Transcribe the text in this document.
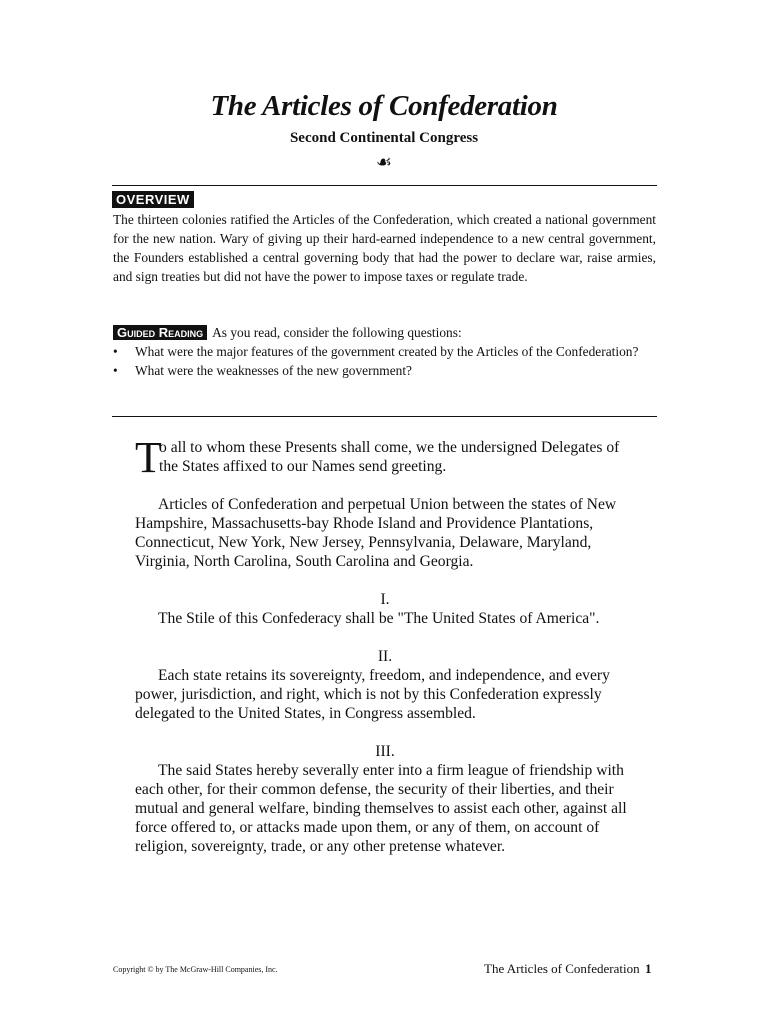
The Articles of Confederation
Second Continental Congress
☙
OVERVIEW
The thirteen colonies ratified the Articles of the Confederation, which created a national government for the new nation. Wary of giving up their hard-earned independence to a new central government, the Founders established a central governing body that had the power to declare war, raise armies, and sign treaties but did not have the power to impose taxes or regulate trade.
Guided Reading As you read, consider the following questions:
• What were the major features of the government created by the Articles of the Confederation?
• What were the weaknesses of the new government?

T
o all to whom these Presents shall come, we the undersigned Delegates of the States affixed to our Names send greeting.

Articles of Confederation and perpetual Union between the states of New Hampshire, Massachusetts-bay Rhode Island and Providence Plantations, Connecticut, New York, New Jersey, Pennsylvania, Delaware, Maryland, Virginia, North Carolina, South Carolina and Georgia.

I.

The Stile of this Confederacy shall be "The United States of America".

II.

Each state retains its sovereignty, freedom, and independence, and every power, jurisdiction, and right, which is not by this Confederation expressly delegated to the United States, in Congress assembled.

III.

The said States hereby severally enter into a firm league of friendship with each other, for their common defense, the security of their liberties, and their mutual and general welfare, binding themselves to assist each other, against all force offered to, or attacks made upon them, or any of them, on account of religion, sovereignty, trade, or any other pretense whatever.

Copyright © by The McGraw-Hill Companies, Inc.	The Articles of Confederation 1
